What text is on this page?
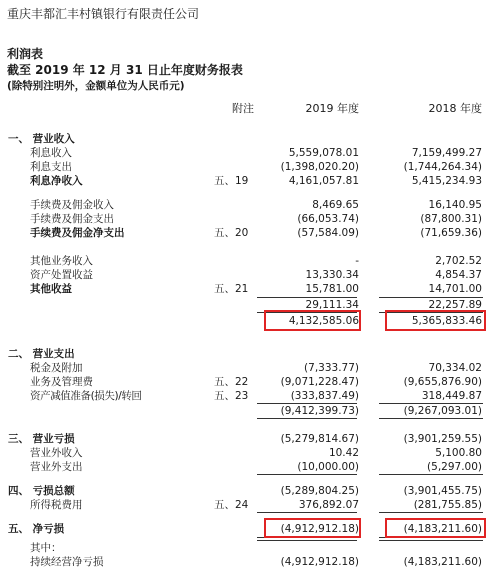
重庆丰都汇丰村镇银行有限责任公司
利润表
截至 2019 年 12 月 31 日止年度财务报表
(除特别注明外，金额单位为人民币元)
附注	2019 年度	2018 年度
一、 营业收入
利息收入	5,559,078.01	7,159,499.27
利息支出	(1,398,020.20)	(1,744,264.34)
利息净收入	五、19	4,161,057.81	5,415,234.93
手续费及佣金收入	8,469.65	16,140.95
手续费及佣金支出	(66,053.74)	(87,800.31)
手续费及佣金净支出	五、20	(57,584.09)	(71,659.36)
其他业务收入	-	2,702.52
资产处置收益	13,330.34	4,854.37
其他收益	五、21	15,781.00	14,701.00
29,111.34	22,257.89
4,132,585.06	5,365,833.46
二、 营业支出
税金及附加	(7,333.77)	70,334.02
业务及管理费	五、22	(9,071,228.47)	(9,655,876.90)
资产减值准备(损失)/转回	五、23	(333,837.49)	318,449.87
(9,412,399.73)	(9,267,093.01)
三、 营业亏损	(5,279,814.67)	(3,901,259.55)
营业外收入	10.42	5,100.80
营业外支出	(10,000.00)	(5,297.00)
四、 亏损总额	(5,289,804.25)	(3,901,455.75)
所得税费用	五、24	376,892.07	(281,755.85)
五、 净亏损	(4,912,912.18)	(4,183,211.60)
其中：
持续经营净亏损	(4,912,912.18)	(4,183,211.60)
